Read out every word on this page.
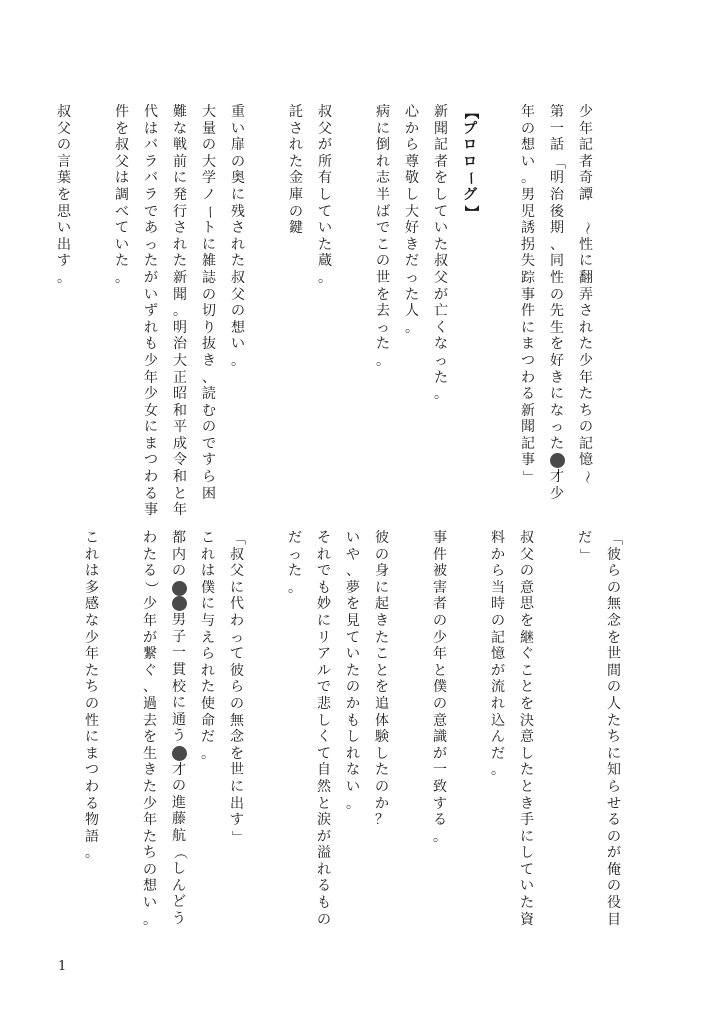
少
年
記
者
奇
譚

～
性
に
翻
弄
さ
れ
た
少
年
た
ち
の
記
憶
～
第
一
話
「
明
治
後
期
、
同
性
の
先
生
を
好
き
に
な
っ
た
才
少
年
の
想
い
。
男
児
誘
拐
失
踪
事
件
に
ま
つ
わ
る
新
聞
記
事
」
【
プ
ロ
ロ
ー
グ
】
新
聞
記
者
を
し
て
い
た
叔
父
が
亡
く
な
っ
た
。
心
か
ら
尊
敬
し
大
好
き
だ
っ
た
人
。
病
に
倒
れ
志
半
ば
で
こ
の
世
を
去
っ
た
。
叔
父
が
所
有
し
て
い
た
蔵
。
託
さ
れ
た
金
庫
の
鍵
重
い
扉
の
奥
に
残
さ
れ
た
叔
父
の
想
い
。
大
量
の
大
学
ノ
ー
ト
に
雑
誌
の
切
り
抜
き
、
読
む
の
で
す
ら
困
難
な
戦
前
に
発
行
さ
れ
た
新
聞
。
明
治
大
正
昭
和
平
成
令
和
と
年
代
は
バ
ラ
バ
ラ
で
あ
っ
た
が
い
ず
れ
も
少
年
少
女
に
ま
つ
わ
る
事
件
を
叔
父
は
調
べ
て
い
た
。
叔
父
の
言
葉
を
思
い
出
す
。
「
彼
ら
の
無
念
を
世
間
の
人
た
ち
に
知
ら
せ
る
の
が
俺
の
役
目
だ
」
叔
父
の
意
思
を
継
ぐ
こ
と
を
決
意
し
た
と
き
手
に
し
て
い
た
資
料
か
ら
当
時
の
記
憶
が
流
れ
込
ん
だ
。
事
件
被
害
者
の
少
年
と
僕
の
意
識
が
一
致
す
る
。
彼
の
身
に
起
き
た
こ
と
を
追
体
験
し
た
の
か
？
い
や
、
夢
を
見
て
い
た
の
か
も
し
れ
な
い
。
そ
れ
で
も
妙
に
リ
ア
ル
で
悲
し
く
て
自
然
と
涙
が
溢
れ
る
も
の
だ
っ
た
。
「
叔
父
に
代
わ
っ
て
彼
ら
の
無
念
を
世
に
出
す
」
こ
れ
は
僕
に
与
え
ら
れ
た
使
命
だ
。
都
内
の
男
子
一
貫
校
に
通
う
才
の
進
藤
航
（
し
ん
ど
う
わ
た
る
）
少
年
が
繋
ぐ
、
過
去
を
生
き
た
少
年
た
ち
の
想
い
。
こ
れ
は
多
感
な
少
年
た
ち
の
性
に
ま
つ
わ
る
物
語
。
1
